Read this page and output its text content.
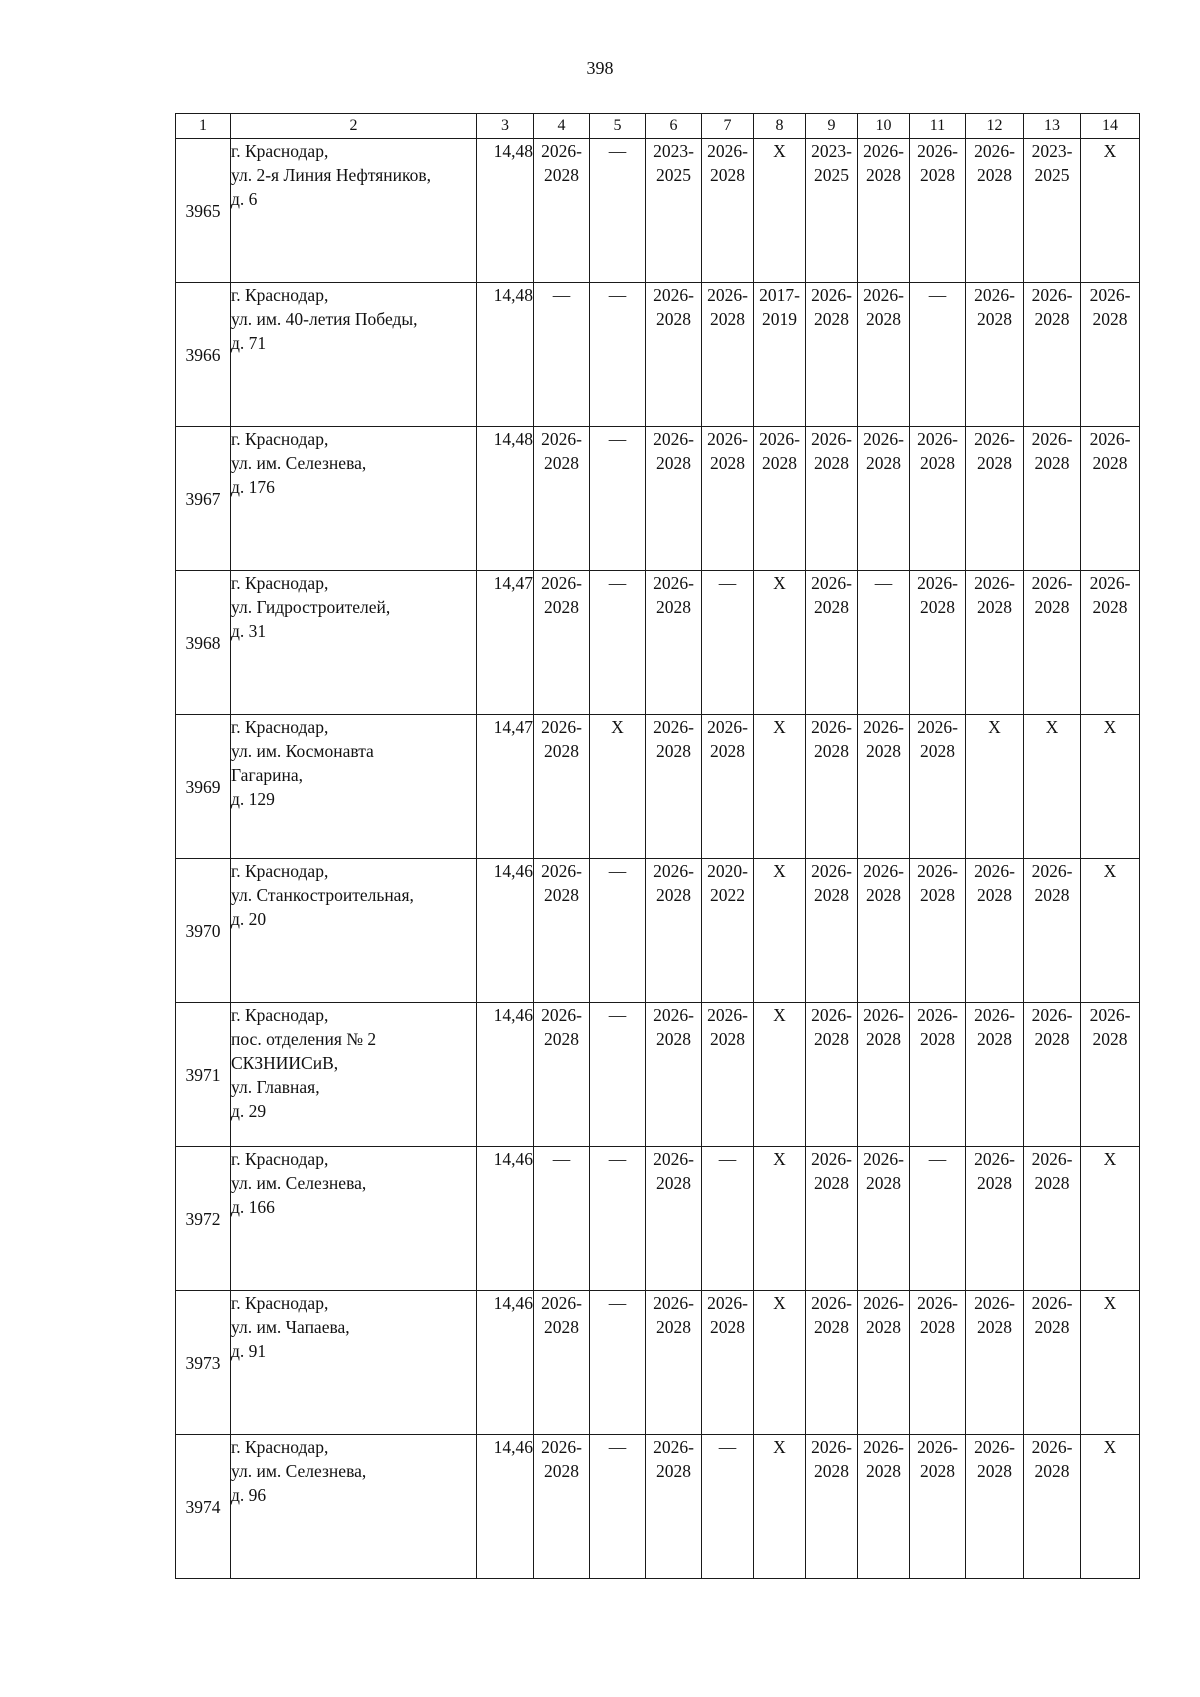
398
1	2	3	4	5	6	7	8	9	10	11	12	13	14
3965	г. Краснодар,
ул. 2-я Линия Нефтяников,
д. 6	14,48	2026-
2028	—	2023-
2025	2026-
2028	Х	2023-
2025	2026-
2028	2026-
2028	2026-
2028	2023-
2025	Х
3966	г. Краснодар,
ул. им. 40-летия Победы,
д. 71	14,48	—	—	2026-
2028	2026-
2028	2017-
2019	2026-
2028	2026-
2028	—	2026-
2028	2026-
2028	2026-
2028
3967	г. Краснодар,
ул. им. Селезнева,
д. 176	14,48	2026-
2028	—	2026-
2028	2026-
2028	2026-
2028	2026-
2028	2026-
2028	2026-
2028	2026-
2028	2026-
2028	2026-
2028
3968	г. Краснодар,
ул. Гидростроителей,
д. 31	14,47	2026-
2028	—	2026-
2028	—	Х	2026-
2028	—	2026-
2028	2026-
2028	2026-
2028	2026-
2028
3969	г. Краснодар,
ул. им. Космонавта
Гагарина,
д. 129	14,47	2026-
2028	Х	2026-
2028	2026-
2028	Х	2026-
2028	2026-
2028	2026-
2028	Х	Х	Х
3970	г. Краснодар,
ул. Станкостроительная,
д. 20	14,46	2026-
2028	—	2026-
2028	2020-
2022	Х	2026-
2028	2026-
2028	2026-
2028	2026-
2028	2026-
2028	Х
3971	г. Краснодар,
пос. отделения № 2
СКЗНИИСиВ,
ул. Главная,
д. 29	14,46	2026-
2028	—	2026-
2028	2026-
2028	Х	2026-
2028	2026-
2028	2026-
2028	2026-
2028	2026-
2028	2026-
2028
3972	г. Краснодар,
ул. им. Селезнева,
д. 166	14,46	—	—	2026-
2028	—	Х	2026-
2028	2026-
2028	—	2026-
2028	2026-
2028	Х
3973	г. Краснодар,
ул. им. Чапаева,
д. 91	14,46	2026-
2028	—	2026-
2028	2026-
2028	Х	2026-
2028	2026-
2028	2026-
2028	2026-
2028	2026-
2028	Х
3974	г. Краснодар,
ул. им. Селезнева,
д. 96	14,46	2026-
2028	—	2026-
2028	—	Х	2026-
2028	2026-
2028	2026-
2028	2026-
2028	2026-
2028	Х
